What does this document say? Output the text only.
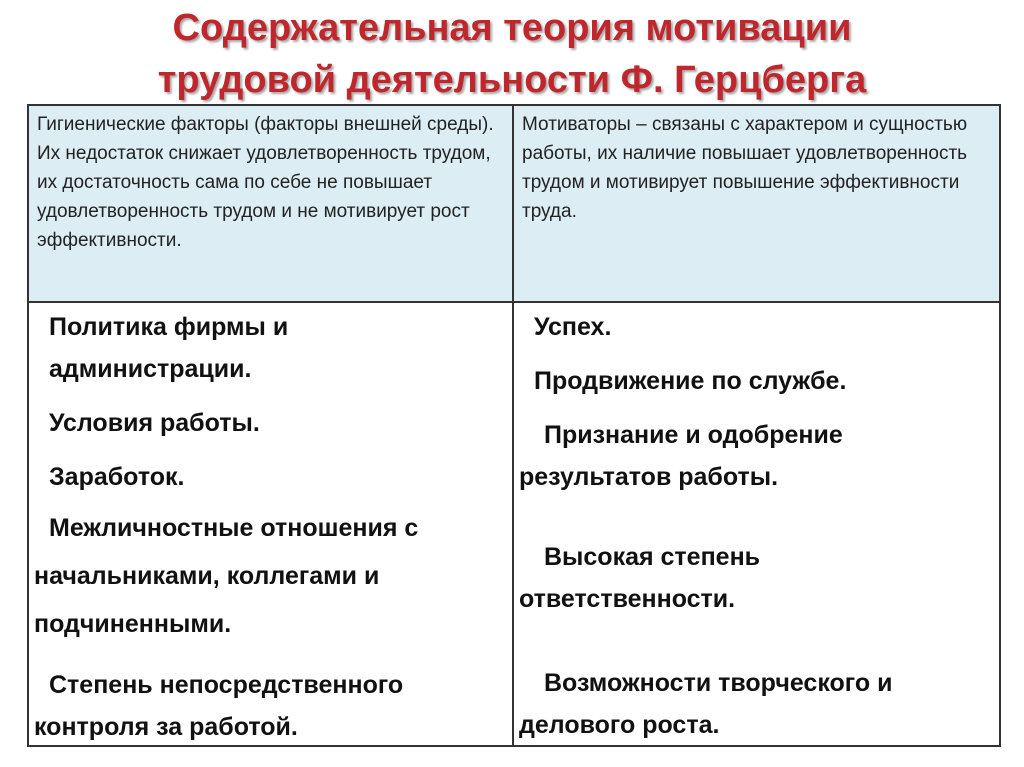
Содержательная теория мотивации
трудовой деятельности Ф. Герцберга
Гигиенические факторы (факторы внешней среды). Их недостаток снижает удовлетворенность трудом, их достаточность сама по себе не повышает удовлетворенность трудом и не мотивирует рост эффективности.
Мотиваторы – связаны с характером и сущностью работы, их наличие повышает удовлетворенность трудом и мотивирует повышение эффективности труда.
Политика фирмы и администрации.
Условия работы.
Заработок.
Межличностные отношения с начальниками, коллегами и подчиненными.
Степень непосредственного контроля за работой.
Успех.
Продвижение по службе.
Признание и одобрение результатов работы.
Высокая степень ответственности.
Возможности творческого и делового роста.
